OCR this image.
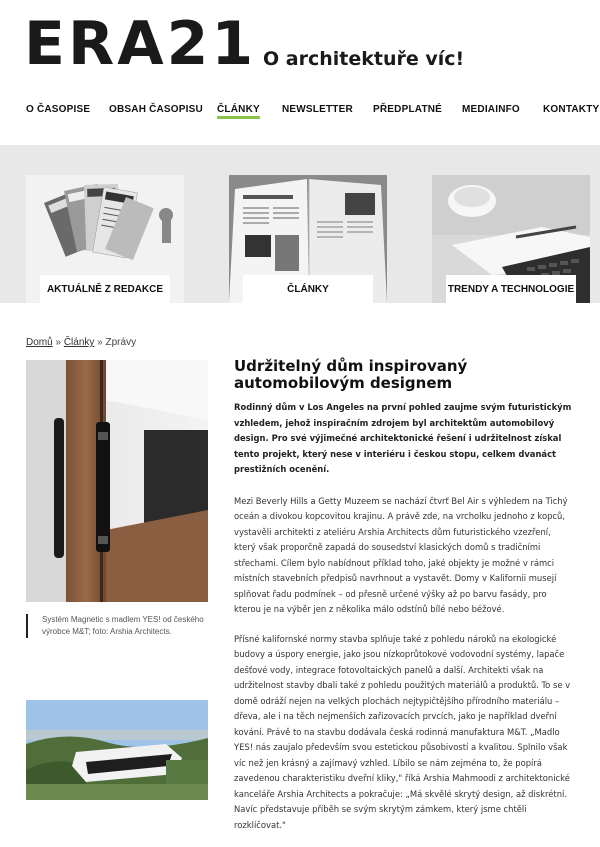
ERA21 O architektuře víc!
O ČASOPISE OBSAH ČASOPISU ČLÁNKY NEWSLETTER PŘEDPLATNÉ MEDIAINFO KONTAKTY
AKTUÁLNĚ Z REDAKCE	ČLÁNKY	TRENDY A TECHNOLOGIE
Domů » Články » Zprávy
Systém Magnetic s madlem YES! od českého výrobce M&T; foto: Arshia Architects.
Udržitelný dům inspirovaný automobilovým designem

Rodinný dům v Los Angeles na první pohled zaujme svým futuristickým vzhledem, jehož inspiračním zdrojem byl architektům automobilový design. Pro své výjimečné architektonické řešení i udržitelnost získal tento projekt, který nese v interiéru i českou stopu, celkem dvanáct prestižních ocenění.

Mezi Beverly Hills a Getty Muzeem se nachází čtvrť Bel Air s výhledem na Tichý oceán a divokou kopcovitou krajinu. A právě zde, na vrcholku jednoho z kopců, vystavěli architekti z ateliéru Arshia Architects dům futuristického vzezření, který však proporčně zapadá do sousedství klasických domů s tradičními střechami. Cílem bylo nabídnout příklad toho, jaké objekty je možné v rámci místních stavebních předpisů navrhnout a vystavět. Domy v Kalifornii musejí splňovat řadu podmínek – od přesně určené výšky až po barvu fasády, pro kterou je na výběr jen z několika málo odstínů bílé nebo béžové.

Přísné kalifornské normy stavba splňuje také z pohledu nároků na ekologické budovy a úspory energie, jako jsou nízkoprůtokové vodovodní systémy, lapače dešťové vody, integrace fotovoltaických panelů a další. Architekti však na udržitelnost stavby dbali také z pohledu použitých materiálů a produktů. To se v domě odráží nejen na velkých plochách nejtypičtějšího přírodního materiálu – dřeva, ale i na těch nejmenších zařizovacích prvcích, jako je například dveřní kování. Právě to na stavbu dodávala česká rodinná manufaktura M&T. „Madlo YES! nás zaujalo především svou estetickou působivostí a kvalitou. Splnilo však víc než jen krásný a zajímavý vzhled. Líbilo se nám zejména to, že popírá zavedenou charakteristiku dveřní kliky," říká Arshia Mahmoodi z architektonické kanceláře Arshia Architects a pokračuje: „Má skvělé skrytý design, až diskrétní. Navíc představuje příběh se svým skrytým zámkem, který jsme chtěli rozklíčovat."
